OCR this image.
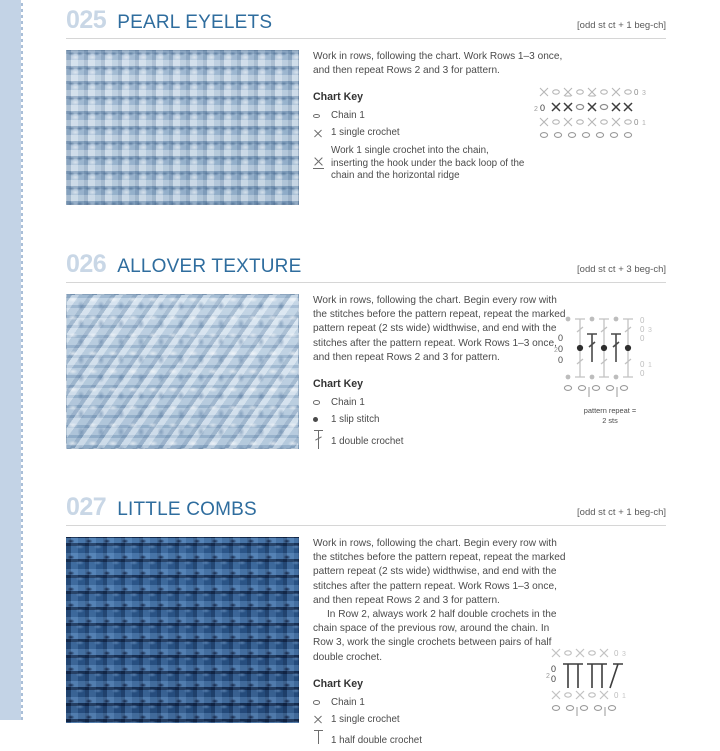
025 PEARL EYELETS	[odd st ct + 1 beg-ch]

Work in rows, following the chart. Work Rows 1–3 once, and then repeat Rows 2 and 3 for pattern.

Chart Key
Chain 1
1 single crochet
Work 1 single crochet into the chain, inserting the hook under the back loop of the chain and the horizontal ridge
0 3
0 1
2 0
026 ALLOVER TEXTURE	[odd st ct + 3 beg-ch]

Work in rows, following the chart. Begin every row with the stitches before the pattern repeat, repeat the marked pattern repeat (2 sts wide) widthwise, and end with the stitches after the pattern repeat. Work Rows 1–3 once, and then repeat Rows 2 and 3 for pattern.

Chart Key
Chain 1
1 slip stitch
1 double crochet
0
0 3
0
0 1
0
2
0
0
0
pattern repeat =
2 sts
027 LITTLE COMBS	[odd st ct + 1 beg-ch]

Work in rows, following the chart. Begin every row with the stitches before the pattern repeat, repeat the marked pattern repeat (2 sts wide) widthwise, and end with the stitches after the pattern repeat. Work Rows 1–3 once, and then repeat Rows 2 and 3 for pattern.

In Row 2, always work 2 half double crochets in the chain space of the previous row, around the chain. In Row 3, work the single crochets between pairs of half double crochet.

Chart Key
Chain 1
1 single crochet
1 half double crochet
0 3
0 1
2
0
0
